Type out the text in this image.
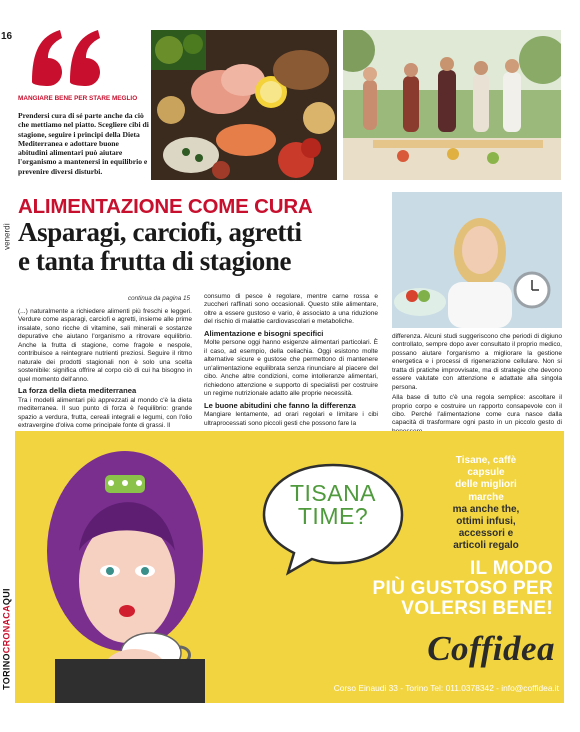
16
venerdì
TORINOCRONACAQUI
MANGIARE BENE PER STARE MEGLIO
Prendersi cura di sé parte anche da ciò che mettiamo nel piatto. Scegliere cibi di stagione, seguire i principi della Dieta Mediterranea e adottare buone abitudini alimentari può aiutare l'organismo a mantenersi in equilibrio e prevenire diversi disturbi.
ALIMENTAZIONE COME CURA
Asparagi, carciofi, agretti
e tanta frutta di stagione
continua da pagina 15

(...) naturalmente a richiedere alimenti più freschi e leggeri. Verdure come asparagi, carciofi e agretti, insieme alle prime insalate, sono ricche di vitamine, sali minerali e sostanze depurative che aiutano l'organismo a ritrovare equilibrio. Anche la frutta di stagione, come fragole e nespole, contribuisce a reintegrare nutrienti preziosi. Seguire il ritmo naturale dei prodotti stagionali non è solo una scelta sostenibile: significa offrire al corpo ciò di cui ha bisogno in quel momento dell'anno.

La forza della dieta mediterranea

Tra i modelli alimentari più apprezzati al mondo c'è la dieta mediterranea. Il suo punto di forza è l'equilibrio: grande spazio a verdura, frutta, cereali integrali e legumi, con l'olio extravergine d'oliva come principale fonte di grassi. Il

consumo di pesce è regolare, mentre carne rossa e zuccheri raffinati sono occasionali. Questo stile alimentare, oltre a essere gustoso e vario, è associato a una riduzione del rischio di malattie cardiovascolari e metaboliche.

Alimentazione e bisogni specifici

Molte persone oggi hanno esigenze alimentari particolari. È il caso, ad esempio, della celiachia. Oggi esistono molte alternative sicure e gustose che permettono di mantenere un'alimentazione equilibrata senza rinunciare al piacere del cibo. Anche altre condizioni, come intolleranze alimentari, richiedono attenzione e supporto di specialisti per costruire un regime nutrizionale adatto alle proprie necessità.

Le buone abitudini che fanno la differenza

Mangiare lentamente, ad orari regolari e limitare i cibi ultraprocessati sono piccoli gesti che possono fare la

differenza. Alcuni studi suggeriscono che periodi di digiuno controllato, sempre dopo aver consultato il proprio medico, possano aiutare l'organismo a migliorare la gestione energetica e i processi di rigenerazione cellulare. Non si tratta di pratiche improvvisate, ma di strategie che devono essere valutate con attenzione e adattate alla singola persona.

Alla base di tutto c'è una regola semplice: ascoltare il proprio corpo e costruire un rapporto consapevole con il cibo. Perché l'alimentazione come cura nasce dalla capacità di trasformare ogni pasto in un piccolo gesto di

TISANA
TIME?
Tisane, caffè
capsule
delle migliori
marche
ma anche the,
ottimi infusi,
accessori e
articoli regalo
IL MODO
PIÙ GUSTOSO PER
VOLERSI BENE!
Coffidea
Corso Einaudi 33 - Torino Tel: 011.0378342 - info@coffidea.it
